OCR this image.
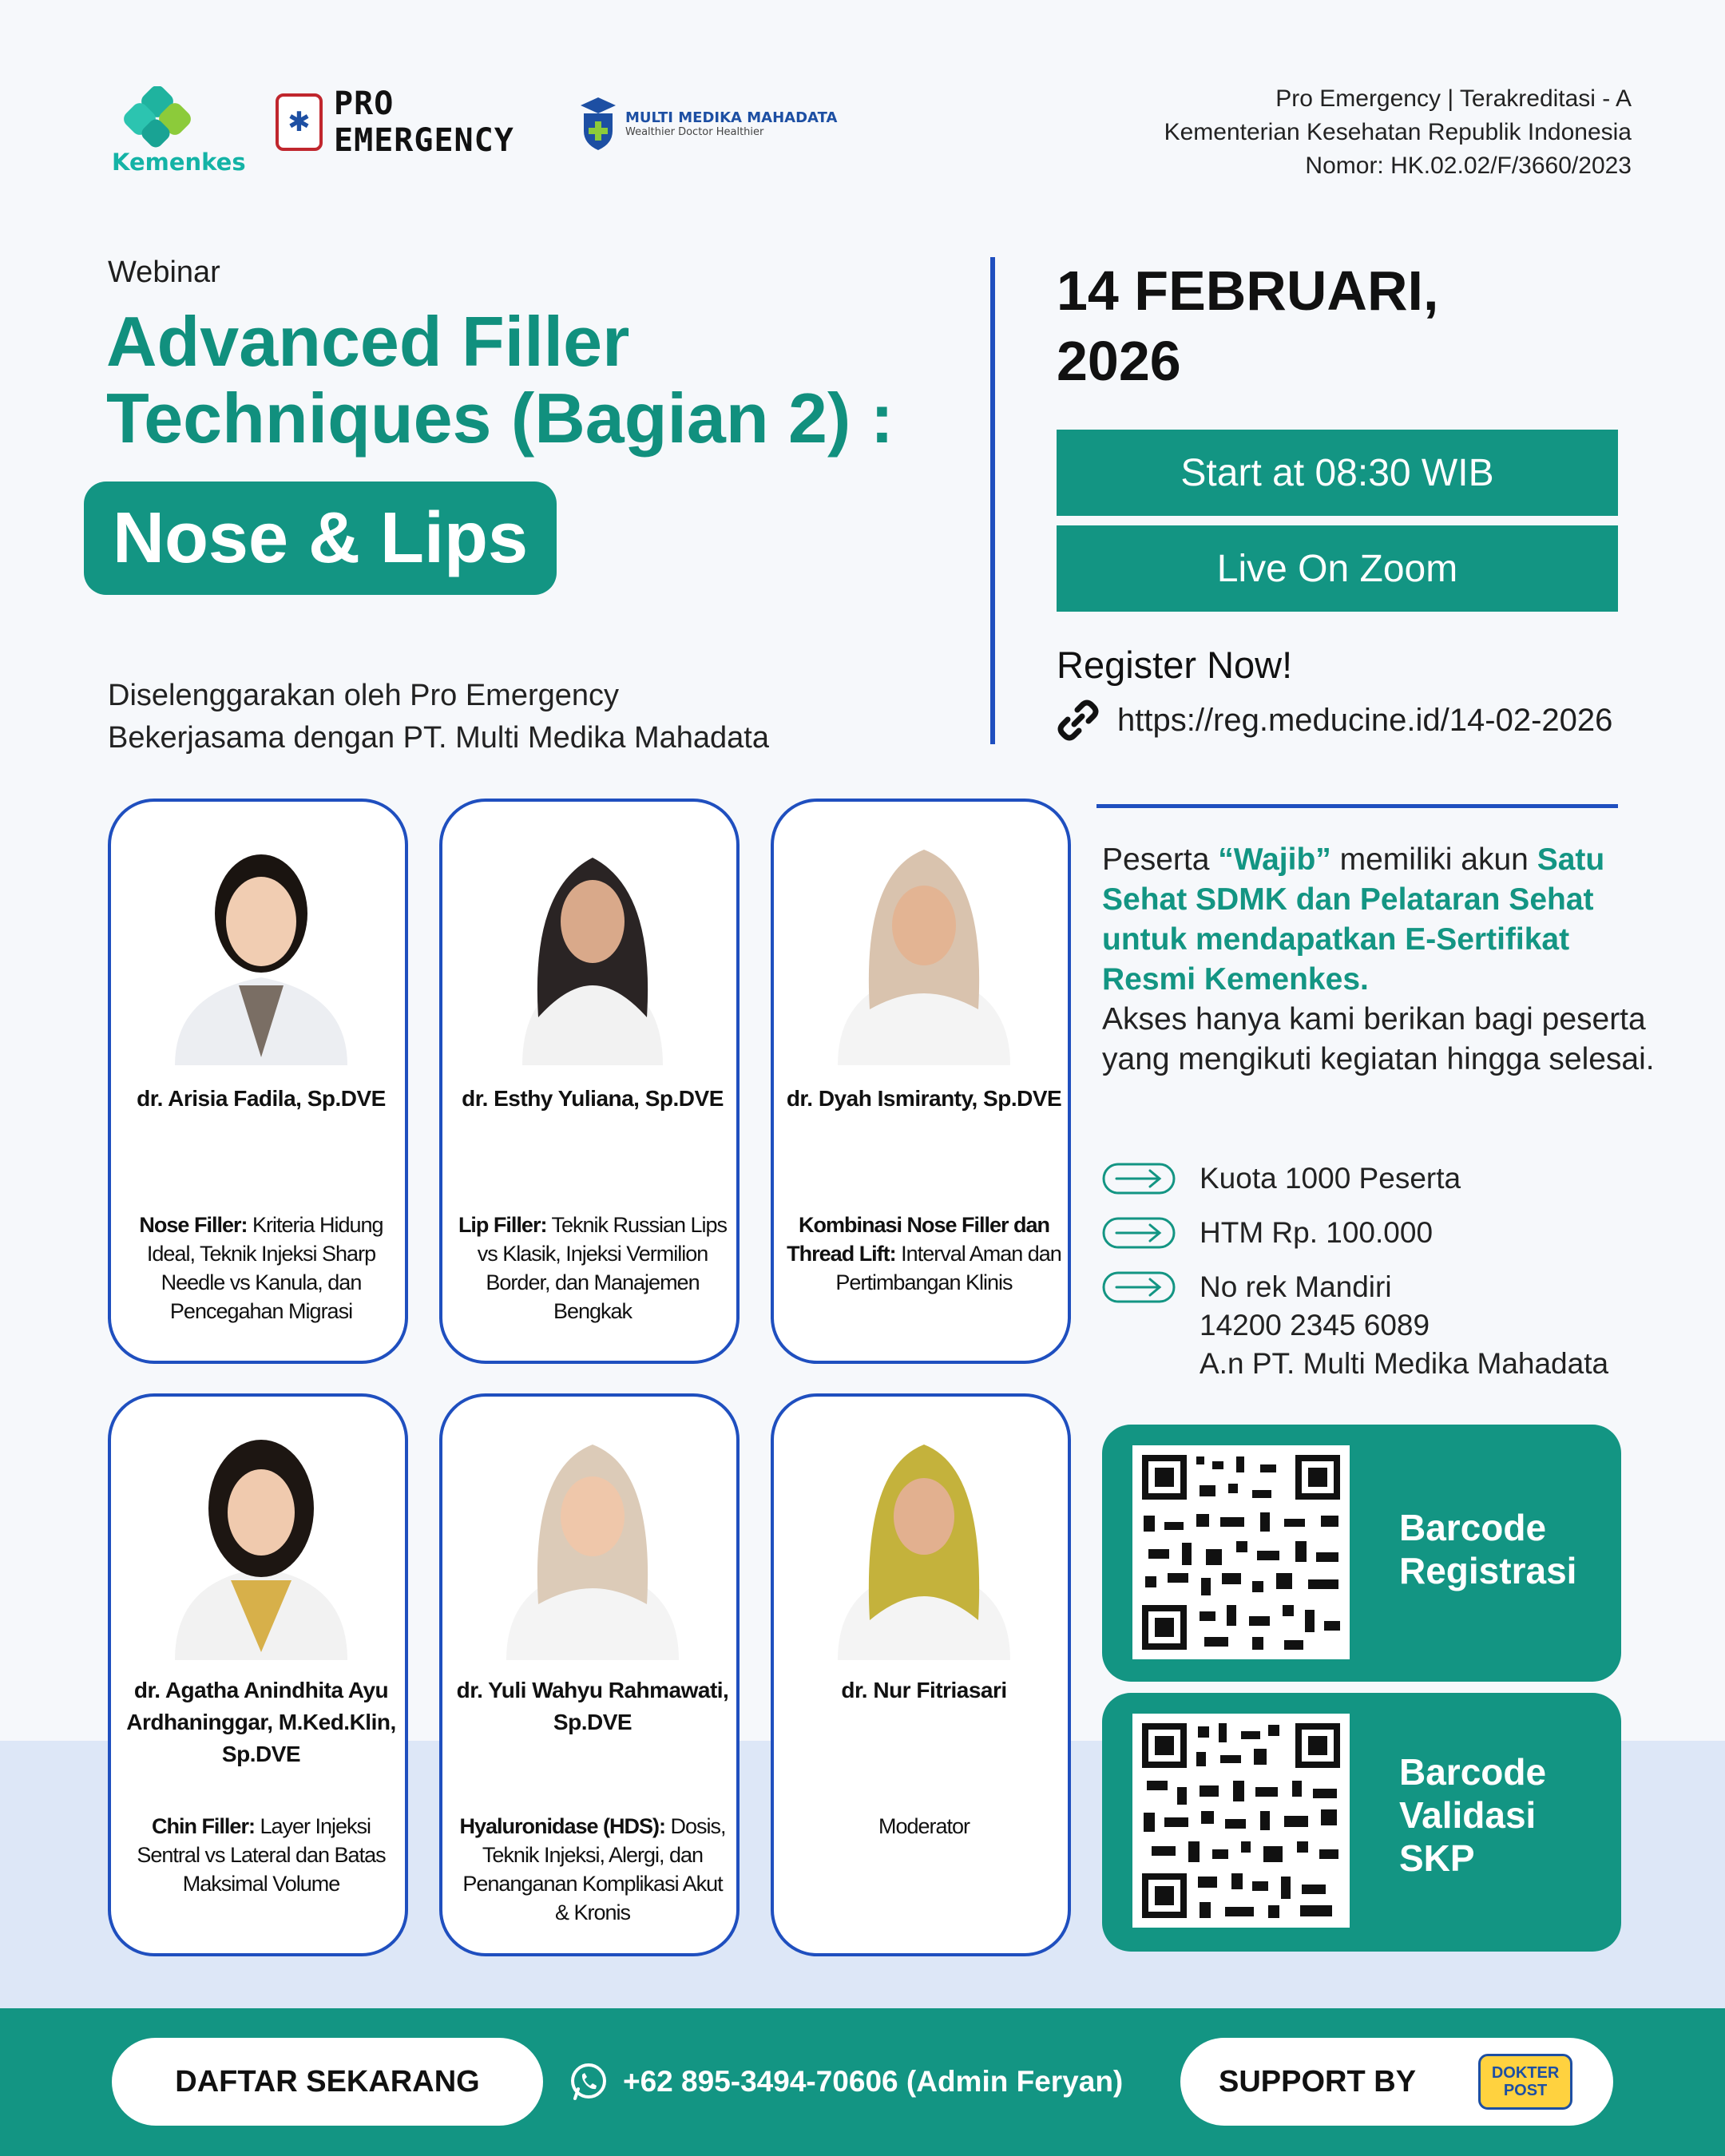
Kemenkes
✱ PRO EMERGENCY
MULTI MEDIKA MAHADATA
Wealthier Doctor Healthier
Pro Emergency | Terakreditasi - A
Kementerian Kesehatan Republik Indonesia
Nomor: HK.02.02/F/3660/2023
Webinar
Advanced Filler
Techniques (Bagian 2) :
Nose & Lips
Diselenggarakan oleh Pro Emergency
Bekerjasama dengan PT. Multi Medika Mahadata
14 FEBRUARI,
2026
Start at 08:30 WIB
Live On Zoom
Register Now!
https://reg.meducine.id/14-02-2026
Peserta “Wajib” memiliki akun Satu Sehat SDMK dan Pelataran Sehat untuk mendapatkan E-Sertifikat Resmi Kemenkes.
Akses hanya kami berikan bagi peserta yang mengikuti kegiatan hingga selesai.
Kuota 1000 Peserta
HTM Rp. 100.000
No rek Mandiri
14200 2345 6089
A.n PT. Multi Medika Mahadata
dr. Arisia Fadila, Sp.DVE
Nose Filler: Kriteria Hidung Ideal, Teknik Injeksi Sharp Needle vs Kanula, dan Pencegahan Migrasi
dr. Esthy Yuliana, Sp.DVE
Lip Filler: Teknik Russian Lips vs Klasik, Injeksi Vermilion Border, dan Manajemen Bengkak
dr. Dyah Ismiranty, Sp.DVE
Kombinasi Nose Filler dan Thread Lift: Interval Aman dan Pertimbangan Klinis
dr. Agatha Anindhita Ayu Ardhaninggar, M.Ked.Klin, Sp.DVE
Chin Filler: Layer Injeksi Sentral vs Lateral dan Batas Maksimal Volume
dr. Yuli Wahyu Rahmawati, Sp.DVE
Hyaluronidase (HDS): Dosis, Teknik Injeksi, Alergi, dan Penanganan Komplikasi Akut & Kronis
dr. Nur Fitriasari
Moderator
Barcode Registrasi
Barcode Validasi SKP
DAFTAR SEKARANG	+62 895-3494-70606 (Admin Feryan)	SUPPORT BY	DOKTER POST
